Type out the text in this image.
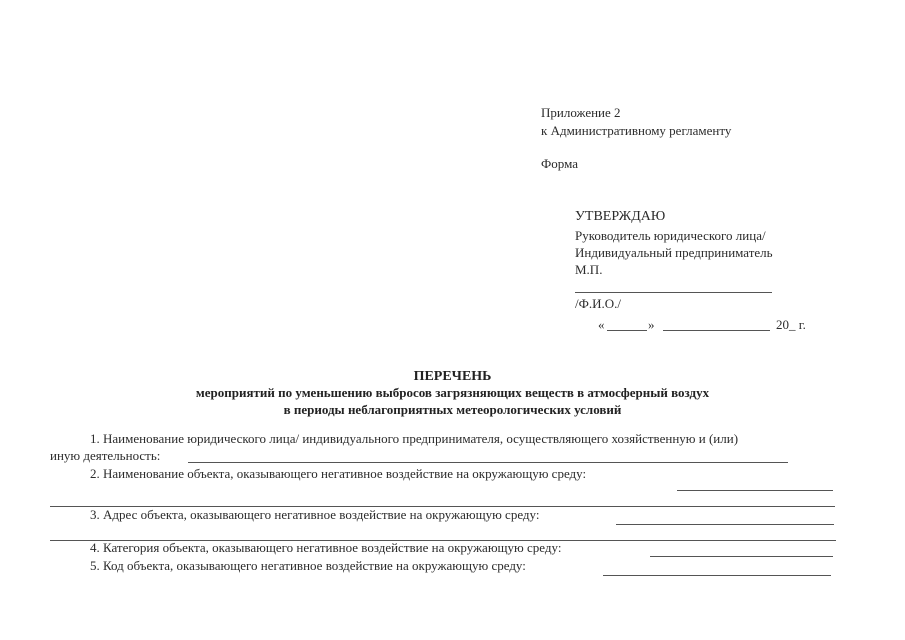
Приложение 2
к Административному регламенту
Форма
УТВЕРЖДАЮ
Руководитель юридического лица/
Индивидуальный предприниматель
М.П.
/Ф.И.О./
«	»	20_ г.
ПЕРЕЧЕНЬ
мероприятий по уменьшению выбросов загрязняющих веществ в атмосферный воздух
в периоды неблагоприятных метеорологических условий
1. Наименование юридического лица/ индивидуального предпринимателя, осуществляющего хозяйственную и (или)
иную деятельность:
2. Наименование объекта, оказывающего негативное воздействие на окружающую среду:
3. Адрес объекта, оказывающего негативное воздействие на окружающую среду:
4. Категория объекта, оказывающего негативное воздействие на окружающую среду:
5. Код объекта, оказывающего негативное воздействие на окружающую среду:
